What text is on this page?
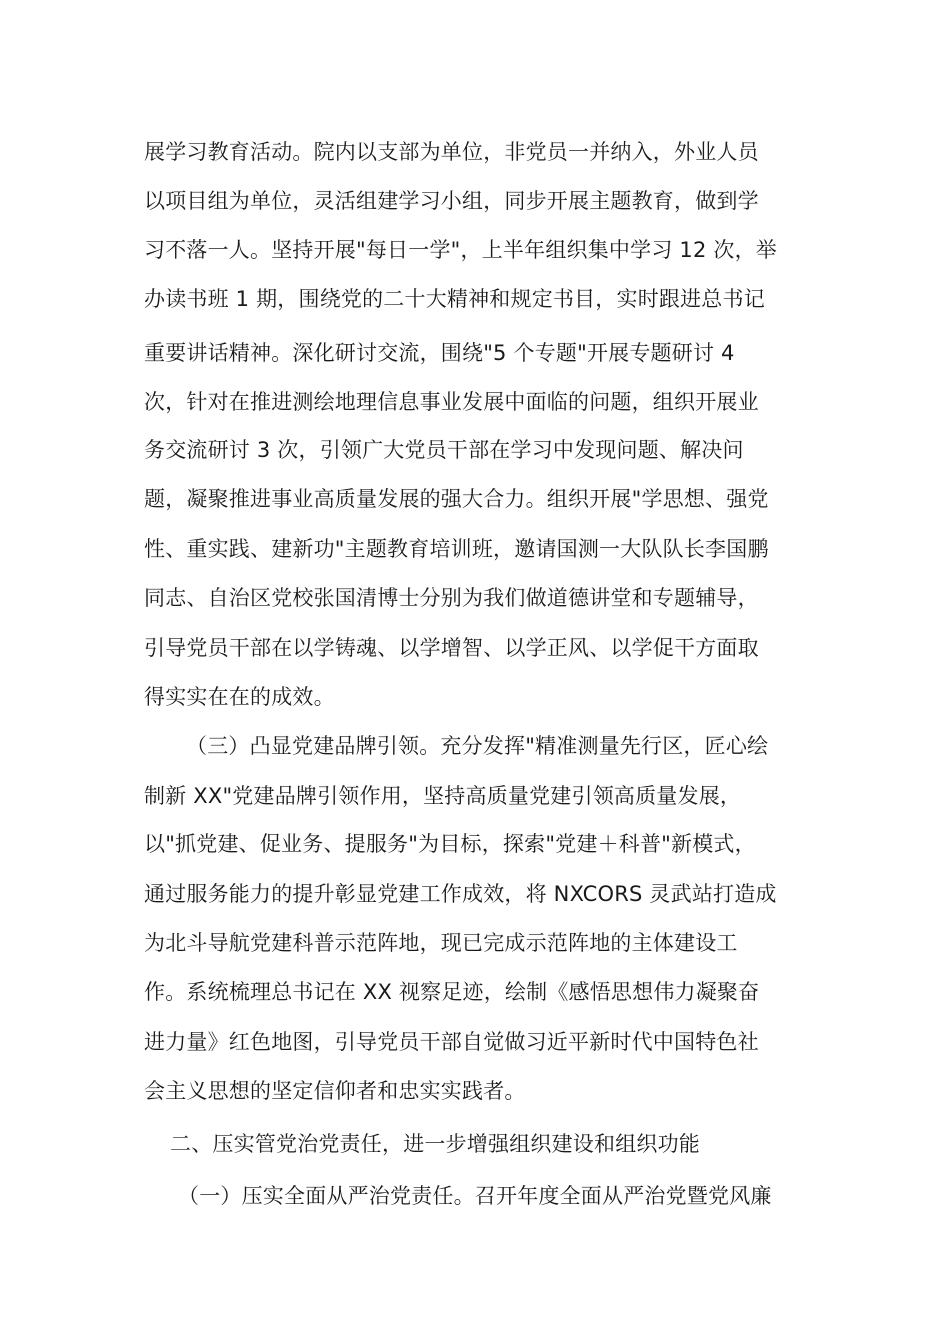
展学习教育活动。院内以支部为单位，非党员一并纳入，外业人员
以项目组为单位，灵活组建学习小组，同步开展主题教育，做到学
习不落一人。坚持开展"每日一学"，上半年组织集中学习 12 次，举
办读书班 1 期，围绕党的二十大精神和规定书目，实时跟进总书记
重要讲话精神。深化研讨交流，围绕"5 个专题"开展专题研讨 4
次，针对在推进测绘地理信息事业发展中面临的问题，组织开展业
务交流研讨 3 次，引领广大党员干部在学习中发现问题、解决问
题，凝聚推进事业高质量发展的强大合力。组织开展"学思想、强党
性、重实践、建新功"主题教育培训班，邀请国测一大队队长李国鹏
同志、自治区党校张国清博士分别为我们做道德讲堂和专题辅导，
引导党员干部在以学铸魂、以学增智、以学正风、以学促干方面取
得实实在在的成效。
（三）凸显党建品牌引领。充分发挥"精准测量先行区，匠心绘
制新 XX"党建品牌引领作用，坚持高质量党建引领高质量发展，
以"抓党建、促业务、提服务"为目标，探索"党建＋科普"新模式，
通过服务能力的提升彰显党建工作成效，将 NXCORS 灵武站打造成
为北斗导航党建科普示范阵地，现已完成示范阵地的主体建设工
作。系统梳理总书记在 XX 视察足迹，绘制《感悟思想伟力凝聚奋
进力量》红色地图，引导党员干部自觉做习近平新时代中国特色社
会主义思想的坚定信仰者和忠实实践者。
二、压实管党治党责任，进一步增强组织建设和组织功能
（一）压实全面从严治党责任。召开年度全面从严治党暨党风廉
